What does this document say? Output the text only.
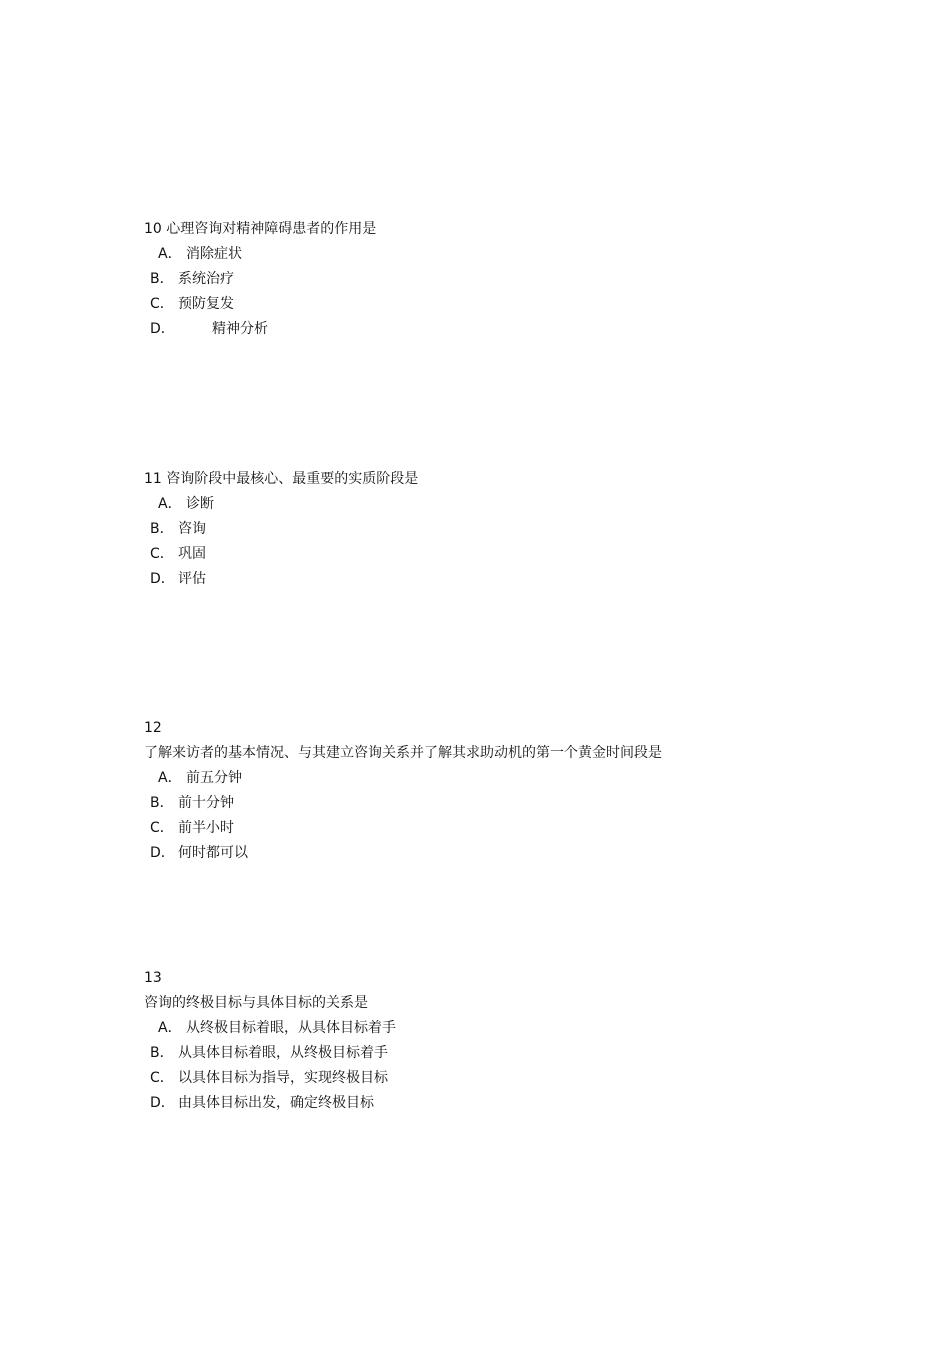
10 心理咨询对精神障碍患者的作用是
A． 消除症状
B． 系统治疗
C． 预防复发
D．	精神分析
11 咨询阶段中最核心、最重要的实质阶段是
A． 诊断
B． 咨询
C． 巩固
D． 评估
12
了解来访者的基本情况、与其建立咨询关系并了解其求助动机的第一个黄金时间段是
A． 前五分钟
B． 前十分钟
C． 前半小时
D． 何时都可以
13
咨询的终极目标与具体目标的关系是
A． 从终极目标着眼，从具体目标着手
B． 从具体目标着眼，从终极目标着手
C． 以具体目标为指导，实现终极目标
D． 由具体目标出发，确定终极目标
